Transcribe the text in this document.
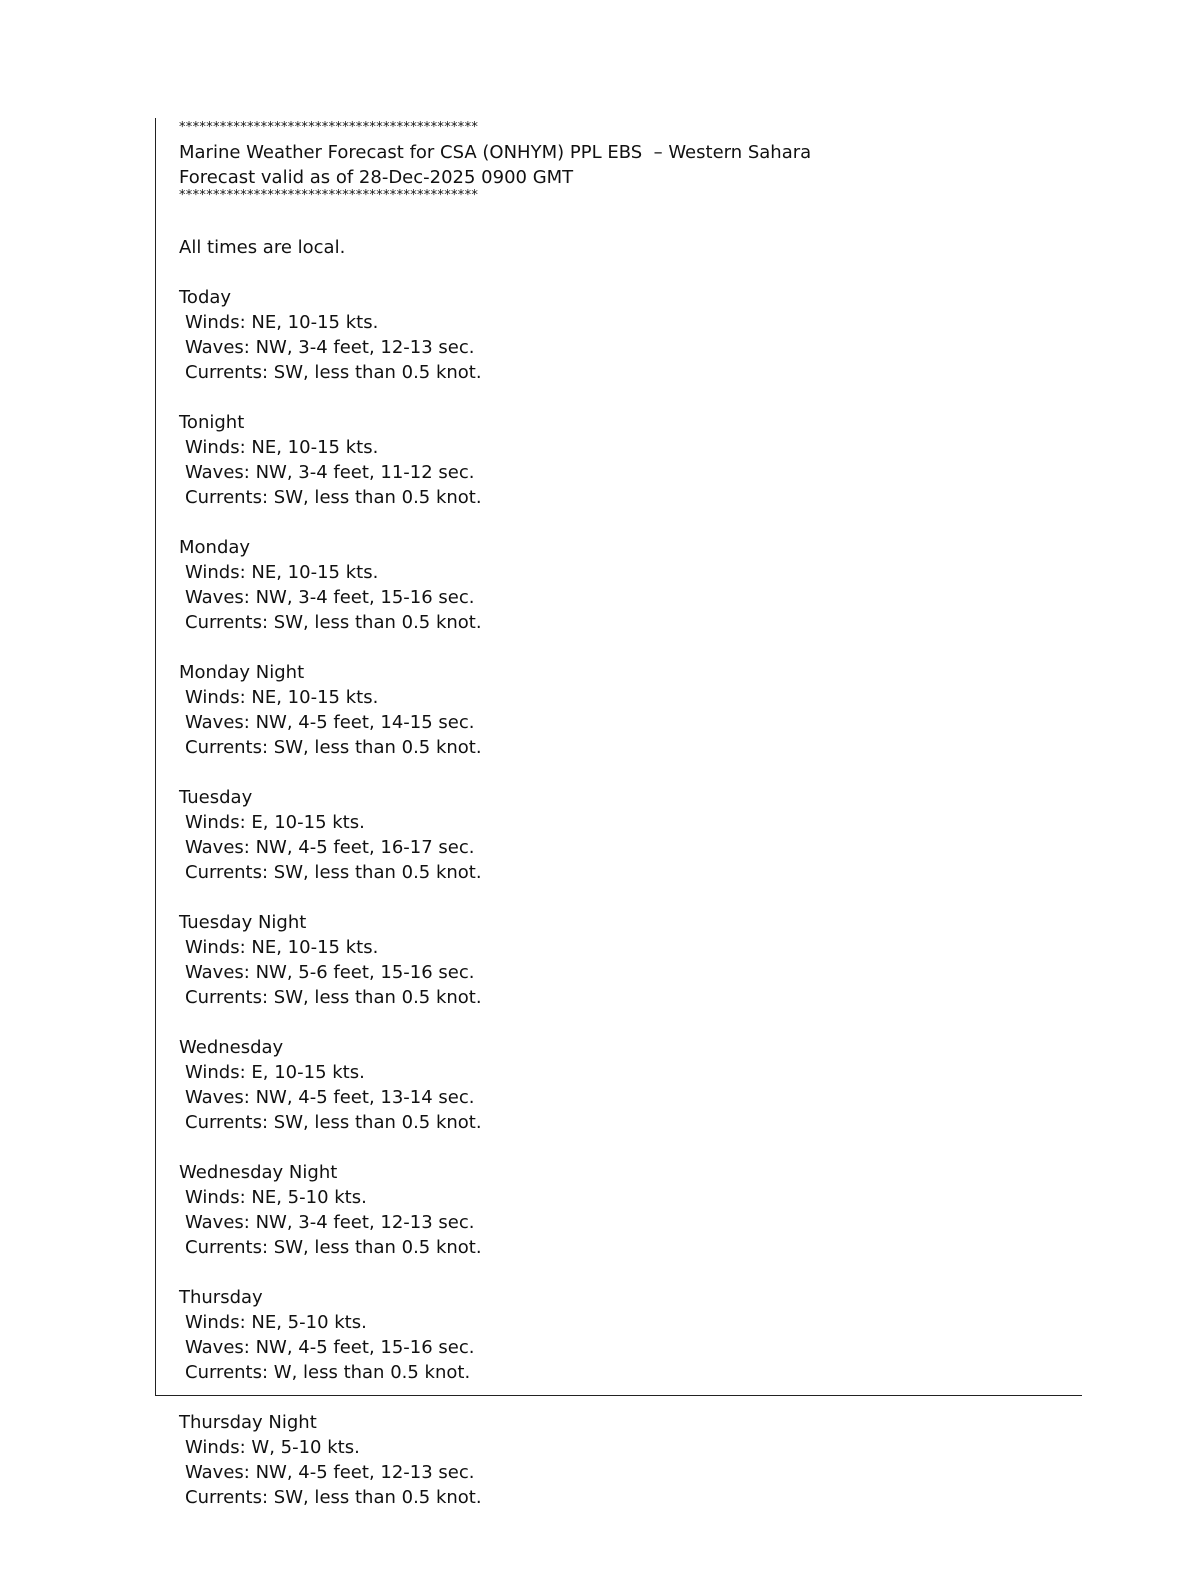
********************************************
Marine Weather Forecast for CSA (ONHYM) PPL EBS  – Western Sahara
Forecast valid as of 28-Dec-2025 0900 GMT
********************************************
All times are local.
Today
Winds: NE, 10-15 kts.
Waves: NW, 3-4 feet, 12-13 sec.
Currents: SW, less than 0.5 knot.
Tonight
Winds: NE, 10-15 kts.
Waves: NW, 3-4 feet, 11-12 sec.
Currents: SW, less than 0.5 knot.
Monday
Winds: NE, 10-15 kts.
Waves: NW, 3-4 feet, 15-16 sec.
Currents: SW, less than 0.5 knot.
Monday Night
Winds: NE, 10-15 kts.
Waves: NW, 4-5 feet, 14-15 sec.
Currents: SW, less than 0.5 knot.
Tuesday
Winds: E, 10-15 kts.
Waves: NW, 4-5 feet, 16-17 sec.
Currents: SW, less than 0.5 knot.
Tuesday Night
Winds: NE, 10-15 kts.
Waves: NW, 5-6 feet, 15-16 sec.
Currents: SW, less than 0.5 knot.
Wednesday
Winds: E, 10-15 kts.
Waves: NW, 4-5 feet, 13-14 sec.
Currents: SW, less than 0.5 knot.
Wednesday Night
Winds: NE, 5-10 kts.
Waves: NW, 3-4 feet, 12-13 sec.
Currents: SW, less than 0.5 knot.
Thursday
Winds: NE, 5-10 kts.
Waves: NW, 4-5 feet, 15-16 sec.
Currents: W, less than 0.5 knot.
Thursday Night
Winds: W, 5-10 kts.
Waves: NW, 4-5 feet, 12-13 sec.
Currents: SW, less than 0.5 knot.
